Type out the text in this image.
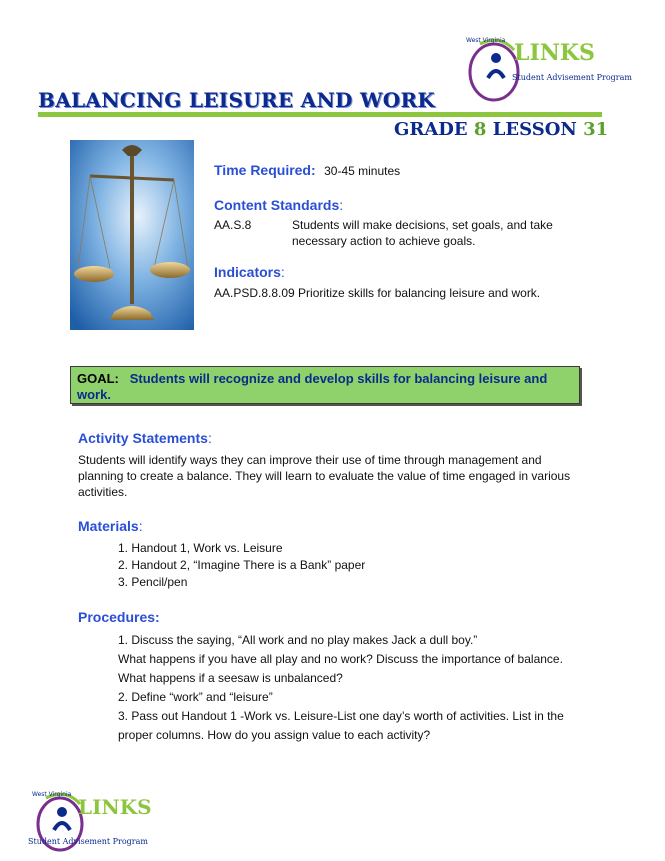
West Virginia LINKS
Student Advisement Program
BALANCING LEISURE AND WORK
GRADE 8 LESSON 31
Time Required: 30-45 minutes
Content Standards:
AA.S.8	Students will make decisions, set goals, and take necessary action to achieve goals.
Indicators:
AA.PSD.8.8.09 Prioritize skills for balancing leisure and work.
GOAL: Students will recognize and develop skills for balancing leisure and work.
Activity Statements:
Students will identify ways they can improve their use of time through management and planning to create a balance. They will learn to evaluate the value of time engaged in various activities.
Materials:
1. Handout 1, Work vs. Leisure
2. Handout 2, “Imagine There is a Bank” paper
3. Pencil/pen
Procedures:
1. Discuss the saying, “All work and no play makes Jack a dull boy.”
What happens if you have all play and no work? Discuss the importance of balance.
What happens if a seesaw is unbalanced?
2. Define “work” and “leisure”
3. Pass out Handout 1 -Work vs. Leisure-List one day’s worth of activities. List in the
proper columns. How do you assign value to each activity?
West Virginia
LINKS
Student Advisement Program
